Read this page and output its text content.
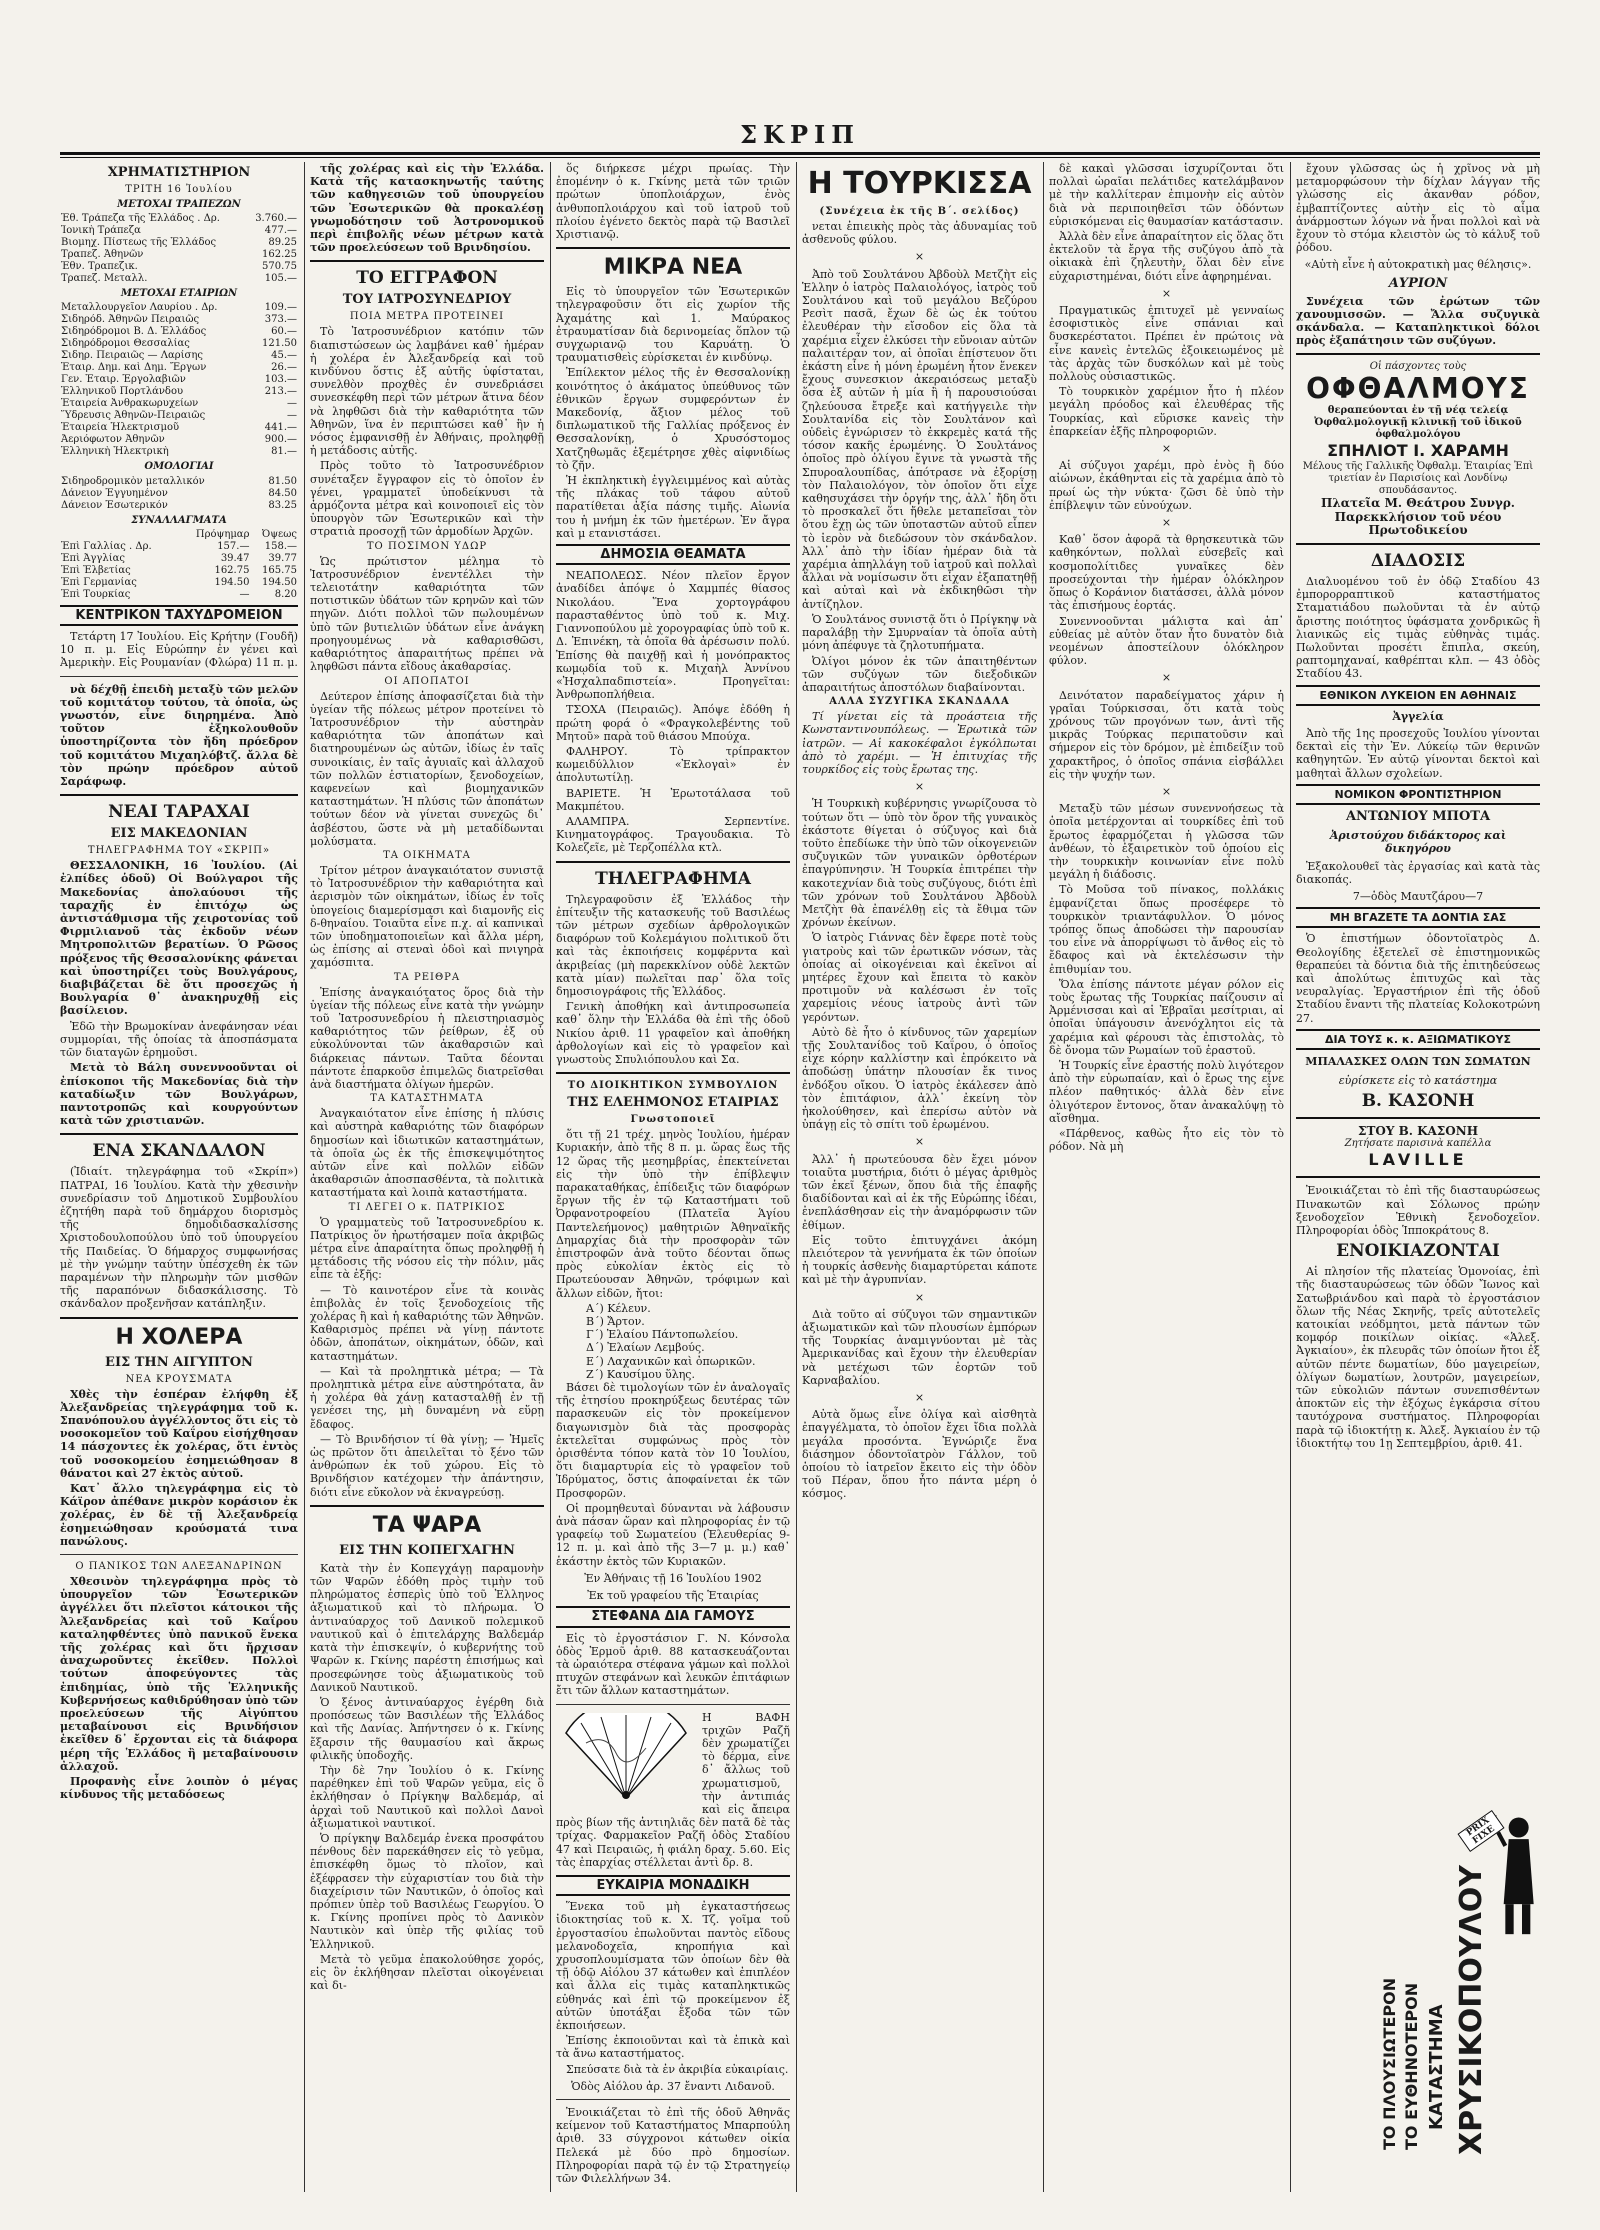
ΣΚΡΙΠ
ΧΡΗΜΑΤΙΣΤΗΡΙΟΝ
ΤΡΙΤΗ 16 Ἰουλίου
ΜΕΤΟΧΑΙ ΤΡΑΠΕΖΩΝ
Ἐθ. Τράπεζα τῆς Ἑλλάδος . Δρ.	3.760.—
Ἰονικὴ Τράπεζα	477.—
Βιομηχ. Πίστεως τῆς Ἑλλάδος	89.25
Τραπεζ. Ἀθηνῶν	162.25
Ἐθν. Τραπεζικ.	570.75
Τραπεζ. Μεταλλ.	105.—
ΜΕΤΟΧΑΙ ΕΤΑΙΡΙΩΝ
Μεταλλουργεῖον Λαυρίου . Δρ.	109.—
Σιδηρόδ. Ἀθηνῶν Πειραιῶς	373.—
Σιδηρόδρομοι Β. Δ. Ἑλλάδος	60.—
Σιδηρόδρομοι Θεσσαλίας	121.50
Σιδηρ. Πειραιῶς — Λαρίσης	45.—
Ἑταιρ. Δημ. καὶ Δημ. Ἔργων	26.—
Γεν. Ἑταιρ. Ἐργολαβιῶν	103.—
Ἑλληνικοῦ Πορτλάνδου	213.—
Ἑταιρεία Ἀνθρακωρυχείων	—
Ὕδρευσις Ἀθηνῶν-Πειραιῶς	—
Ἑταιρεία Ἠλεκτρισμοῦ	441.—
Ἀεριόφωτον Ἀθηνῶν	900.—
Ἑλληνικὴ Ἡλεκτρικὴ	81.—
ΟΜΟΛΟΓΙΑΙ
Σιδηροδρομικὸν μεταλλικόν	81.50
Δάνειον Ἐγγυημένον	84.50
Δάνειον Ἐσωτερικόν	83.25
ΣΥΝΑΛΛΑΓΜΑΤΑ
	Πρόψημαρ	Ὀψεως
Ἐπὶ Γαλλίας . Δρ.	157.—	158.—
Ἐπὶ Ἀγγλίας	39.47	39.77
Ἐπὶ Ἑλβετίας	162.75	165.75
Ἐπὶ Γερμανίας	194.50	194.50
Ἐπὶ Τουρκίας	—	8.20
ΚΕΝΤΡΙΚΟΝ ΤΑΧΥΔΡΟΜΕΙΟΝ

Τετάρτη 17 Ἰουλίου. Εἰς Κρήτην (Γουδῆ) 10 π. μ. Εἰς Εὐρώπην ἐν γένει καὶ Ἀμερικὴν. Εἰς Ρουμανίαν (Φλώρα) 11 π. μ.

νὰ δέχθῇ ἐπειδὴ μεταξὺ τῶν μελῶν τοῦ κομιτάτου τούτου, τὰ ὁποῖα, ὡς γνωστόν, εἶνε διηρημένα. Ἀπὸ τοῦτον ἐξηκολουθοῦν ὑποστηρίζοντα τὸν ἤδη πρόεδρον τοῦ κομιτάτου Μιχαηλόβτζ. ἄλλα δὲ τὸν πρώην πρόεδρον αὐτοῦ Σαράφωφ.

ΝΕΑΙ ΤΑΡΑΧΑΙ
ΕΙΣ ΜΑΚΕΔΟΝΙΑΝ
ΤΗΛΕΓΡΑΦΗΜΑ ΤΟΥ «ΣΚΡΙΠ»

ΘΕΣΣΑΛΟΝΙΚΗ, 16 Ἰουλίου. (Αἱ ἐλπίδες ὁδοῦ) Οἱ Βούλγαροι τῆς Μακεδονίας ἀπολαύουσι τῆς ταραχῆς ἐν ἐπιτόχῳ ὡς ἀντιστάθμισμα τῆς χειροτονίας τοῦ Φιρμιλιανοῦ τὰς ἐκδοῦν νέων Μητροπολιτῶν βερατίων. Ὁ Ρῶσος πρόξενος τῆς Θεσσαλονίκης φάνεται καὶ ὑποστηρίζει τοὺς Βουλγάρους, διαβιβάζεται δὲ ὅτι προσεχῶς ἡ Βουλγαρία θ᾽ ἀνακηρυχθῇ εἰς βασίλειον.

Ἐδῶ τὴν Βρωμοκίναν ἀνεφάνησαν νέαι συμμορίαι, τῆς ὁποίας τὰ ἀποσπάσματα τῶν διαταγῶν ἐρημοῦσι.

Μετὰ τὸ Βάλη συνεννοοῦνται οἱ ἐπίσκοποι τῆς Μακεδονίας διὰ τὴν καταδίωξιν τῶν Βουλγάρων, παντοτροπῶς καὶ κουργούντων κατὰ τῶν χριστιανῶν.

ΕΝΑ ΣΚΑΝΔΑΛΟΝ

(Ἰδιαίτ. τηλεγράφημα τοῦ «Σκρίπ») ΠΑΤΡΑΙ, 16 Ἰουλίου. Κατὰ τὴν χθεσινὴν συνεδρίασιν τοῦ Δημοτικοῦ Συμβουλίου ἐζητήθη παρὰ τοῦ δημάρχου διορισμὸς τῆς δημοδιδασκαλίσσης Χριστοδουλοπούλου ὑπὸ τοῦ ὑπουργείου τῆς Παιδείας. Ὁ δήμαρχος συμφωνήσας μὲ τὴν γνώμην ταύτην ὑπέσχεθη ἐκ τῶν παραμένων τὴν πληρωμὴν τῶν μισθῶν τῆς παραπόνων διδασκάλισσης. Τὸ σκάνδαλον προξενῆσαν κατάπληξιν.

Η ΧΟΛΕΡΑ
ΕΙΣ ΤΗΝ ΑΙΓΥΠΤΟΝ
ΝΕΑ ΚΡΟΥΣΜΑΤΑ

Χθὲς τὴν ἑσπέραν ἐλήφθη ἐξ Ἀλεξανδρείας τηλεγράφημα τοῦ κ. Σπανόπουλου ἀγγέλλοντος ὅτι εἰς τὸ νοσοκομεῖον τοῦ Καΐρου εἰσήχθησαν 14 πάσχοντες ἐκ χολέρας, ὅτι ἐντὸς τοῦ νοσοκομείου ἐσημειώθησαν 8 θάνατοι καὶ 27 ἐκτὸς αὐτοῦ.

Κατ᾽ ἄλλο τηλεγράφημα εἰς τὸ Κάϊρον ἀπέθανε μικρὸν κοράσιον ἐκ χολέρας, ἐν δὲ τῇ Ἀλεξανδρείᾳ ἐσημειώθησαν κρούσματά τινα πανώλους.

Ο ΠΑΝΙΚΟΣ ΤΩΝ ΑΛΕΞΑΝΔΡΙΝΩΝ

Χθεσινὸν τηλεγράφημα πρὸς τὸ ὑπουργεῖον τῶν Ἐσωτερικῶν ἀγγέλλει ὅτι πλεῖστοι κάτοικοι τῆς Ἀλεξανδρείας καὶ τοῦ Καΐρου καταληφθέντες ὑπὸ πανικοῦ ἕνεκα τῆς χολέρας καὶ ὅτι ἤρχισαν ἀναχωροῦντες ἐκεῖθεν. Πολλοὶ τούτων ἀποφεύγοντες τὰς ἐπιδημίας, ὑπὸ τῆς Ἑλληνικῆς Κυβερνήσεως καθιδρύθησαν ὑπὸ τῶν προελεύσεων τῆς Αἰγύπτου μεταβαίνουσι εἰς Βρινδήσιον ἐκεῖθεν δ᾽ ἔρχονται εἰς τὰ διάφορα μέρη τῆς Ἑλλάδος ἢ μεταβαίνουσιν ἀλλαχοῦ.

Προφανὴς εἶνε λοιπὸν ὁ μέγας κίνδυνος τῆς μεταδόσεως

τῆς χολέρας καὶ εἰς τὴν Ἑλλάδα. Κατὰ τῆς κατασκηνωτῆς ταύτης τῶν καθηγεσιῶν τοῦ ὑπουργείου τῶν Ἐσωτερικῶν θὰ προκαλέσῃ γνωμοδότησιν τοῦ Ἀστρονομικοῦ περὶ ἐπιβολῆς νέων μέτρων κατὰ τῶν προελεύσεων τοῦ Βρινδησίου.

ΤΟ ΕΓΓΡΑΦΟΝ
ΤΟΥ ΙΑΤΡΟΣΥΝΕΔΡΙΟΥ
ΠΟΙΑ ΜΕΤΡΑ ΠΡΟΤΕΙΝΕΙ

Τὸ Ἰατροσυνέδριον κατόπιν τῶν διαπιστώσεων ὡς λαμβάνει καθ᾽ ἡμέραν ἡ χολέρα ἐν Ἀλεξανδρείᾳ καὶ τοῦ κινδύνου ὅστις ἐξ αὐτῆς ὑφίσταται, συνελθὸν προχθὲς ἐν συνεδριάσει συνεσκέφθη περὶ τῶν μέτρων ἅτινα δέον νὰ ληφθῶσι διὰ τὴν καθαριότητα τῶν Ἀθηνῶν, ἵνα ἐν περιπτώσει καθ᾽ ἣν ἡ νόσος ἐμφανισθῇ ἐν Ἀθήναις, προληφθῇ ἡ μετάδοσις αὐτῆς.

Πρὸς τοῦτο τὸ Ἰατροσυνέδριον συνέταξεν ἔγγραφον εἰς τὸ ὁποῖον ἐν γένει, γραμματεῖ ὑποδείκνυσι τὰ ἀρμόζοντα μέτρα καὶ κοινοποιεῖ εἰς τὸν ὑπουργὸν τῶν Ἐσωτερικῶν καὶ τὴν στρατιὰ προσοχῇ τῶν ἀρμοδίων Ἀρχῶν.

ΤΟ ΠΟΣΙΜΟΝ ΥΔΩΡ

Ὡς πρώτιστον μέλημα τὸ Ἰατροσυνέδριον ἐνεντέλλει τὴν τελειοτάτην καθαριότητα τῶν ποτιστικῶν ὑδάτων τῶν κρηνῶν καὶ τῶν πηγῶν. Διότι πολλοὶ τῶν πωλουμένων ὑπὸ τῶν βυτιελιῶν ὑδάτων εἶνε ἀνάγκη προηγουμένως νὰ καθαρισθῶσι, καθαριότητος ἀπαραιτήτως πρέπει νὰ ληφθῶσι πάντα εἴδους ἀκαθαρσίας.

ΟΙ ΑΠΟΠΑΤΟΙ

Δεύτερον ἐπίσης ἀποφασίζεται διὰ τὴν ὑγείαν τῆς πόλεως μέτρον προτείνει τὸ Ἰατροσυνέδριον τὴν αὐστηρὰν καθαριότητα τῶν ἀποπάτων καὶ διατηρουμένων ὡς αὐτῶν, ἰδίως ἐν ταῖς συνοικίαις, ἐν ταῖς ἀγυιαῖς καὶ ἀλλαχοῦ τῶν πολλῶν ἑστιατορίων, ξενοδοχείων, καφενείων καὶ βιομηχανικῶν καταστημάτων. Ἡ πλύσις τῶν ἀποπάτων τούτων δέον νὰ γίνεται συνεχῶς δι᾽ ἀσβέστου, ὥστε νὰ μὴ μεταδίδωνται μολύσματα.

ΤΑ ΟΙΚΗΜΑΤΑ

Τρίτον μέτρον ἀναγκαιότατον συνιστᾷ τὸ Ἰατροσυνέδριον τὴν καθαριότητα καὶ ἀερισμὸν τῶν οἰκημάτων, ἰδίως ἐν τοῖς ὑπογείοις διαμερίσμασι καὶ διαμονῆς εἰς δ-θηναίου. Τοιαῦτα εἶνε π.χ. αἱ καπνικαὶ τῶν ὑποδηματοποιεῖων καὶ ἄλλα μέρη, ὡς ἐπίσης αἱ στεναὶ ὁδοὶ καὶ πνιγηρὰ χαμόσπιτα.

ΤΑ ΡΕΙΘΡΑ

Ἐπίσης ἀναγκαιότατος ὅρος διὰ τὴν ὑγείαν τῆς πόλεως εἶνε κατὰ τὴν γνώμην τοῦ Ἰατροσυνεδρίου ἡ πλειστηριασμὸς καθαριότητος τῶν ῥείθρων, ἐξ οὗ εὐκολύνονται τῶν ἀκαθαρσιῶν καὶ διάρκειας πάντων. Ταῦτα δέονται πάντοτε ἐπαρκοῦσ ἐπιμελῶς διατρεῖσθαι ἀνὰ διαστήματα ὀλίγων ἡμερῶν.

ΤΑ ΚΑΤΑΣΤΗΜΑΤΑ

Ἀναγκαιότατον εἶνε ἐπίσης ἡ πλύσις καὶ αὐστηρὰ καθαριότης τῶν διαφόρων δημοσίων καὶ ἰδιωτικῶν καταστημάτων, τὰ ὁποῖα ὡς ἐκ τῆς ἐπισκεψιμότητος αὐτῶν εἶνε καὶ πολλῶν εἰδῶν ἀκαθαρσιῶν ἀποσπασθέντα, τὰ πολιτικὰ καταστήματα καὶ λοιπὰ καταστήματα.

ΤΙ ΛΕΓΕΙ Ο κ. ΠΑΤΡΙΚΙΟΣ

Ὁ γραμματεὺς τοῦ Ἰατροσυνεδρίου κ. Πατρίκιος ὅν ἠρωτήσαμεν ποῖα ἀκριβῶς μέτρα εἶνε ἀπαραίτητα ὅπως προληφθῇ ἡ μετάδοσις τῆς νόσου εἰς τὴν πόλιν, μᾶς εἶπε τὰ ἑξῆς:

— Τὸ καινοτέρον εἶνε τὰ κοινὰς ἐπιβολὰς ἐν τοῖς ξενοδοχείοις τῆς χολέρας ἢ καὶ ἡ καθαριότης τῶν Ἀθηνῶν. Καθαρισμὸς πρέπει νὰ γίνῃ πάντοτε ὁδῶν, ἀποπάτων, οἰκημάτων, ὁδῶν, καὶ καταστημάτων.

— Καὶ τὰ προληπτικὰ μέτρα; — Τὰ προληπτικὰ μέτρα εἶνε αὐστηρότατα, ἂν ἡ χολέρα θὰ χάνῃ κατασταλθῇ ἐν τῇ γενέσει της, μὴ δυναμένη νὰ εὕρῃ ἔδαφος.

— Τὸ Βρινδήσιον τί θὰ γίνῃ; — Ἡμεῖς ὡς πρῶτον ὅτι ἀπειλεῖται τὸ ξένο τῶν ἀνθρώπων ἐκ τοῦ χώρου. Εἰς τὸ Βρινδήσιον κατέχομεν τὴν ἀπάντησιν, διότι εἶνε εὔκολον νὰ ἐκναγρεύσῃ.

ΤΑ ΨΑΡΑ
ΕΙΣ ΤΗΝ ΚΟΠΕΓΧΑΓΗΝ

Κατὰ τὴν ἐν Κοπεγχάγῃ παραμονὴν τῶν Ψαρῶν ἐδόθη πρὸς τιμὴν τοῦ πληρώματος ἑσπερὶς ὑπὸ τοῦ Ἑλληνος ἀξιωματικοῦ καὶ τὸ πλήρωμα. Ὁ ἀντιναύαρχος τοῦ Δανικοῦ πολεμικοῦ ναυτικοῦ καὶ ὁ ἐπιτελάρχης Βαλδεμάρ κατὰ τὴν ἐπισκεψίν, ὁ κυβερνήτης τοῦ Ψαρῶν κ. Γκίνης παρέστη ἐπισήμως καὶ προσεφώνησε τοὺς ἀξιωματικοὺς τοῦ Δανικοῦ Ναυτικοῦ.

Ὁ ξένος ἀντιναύαρχος ἐγέρθη διὰ προπόσεως τῶν Βασιλέων τῆς Ἑλλάδος καὶ τῆς Δανίας. Ἀπήντησεν ὁ κ. Γκίνης ἔξαρσιν τῆς θαυμασίου καὶ ἄκρως φιλικῆς ὑποδοχῆς.

Τὴν δὲ 7ην Ἰουλίου ὁ κ. Γκίνης παρέθηκεν ἐπὶ τοῦ Ψαρῶν γεῦμα, εἰς ὃ ἐκλήθησαν ὁ Πρίγκηψ Βαλδεμάρ, αἱ ἀρχαὶ τοῦ Ναυτικοῦ καὶ πολλοὶ Δανοὶ ἀξιωματικοὶ ναυτικοί.

Ὁ πρίγκηψ Βαλδεμάρ ἐνεκα προσφάτου πένθους δὲν παρεκάθησεν εἰς τὸ γεῦμα, ἐπισκέφθη ὅμως τὸ πλοῖον, καὶ ἐξέφρασεν τὴν εὐχαριστίαν του διὰ τὴν διαχείρισιν τῶν Ναυτικῶν, ὁ ὁποῖος καὶ πρόπιεν ὑπὲρ τοῦ Βασιλέως Γεωργίου. Ὁ κ. Γκίνης προπίνει πρὸς τὸ Δανικὸν Ναυτικὸν καὶ ὑπὲρ τῆς φιλίας τοῦ Ἑλληνικοῦ.

Μετὰ τὸ γεῦμα ἐπακολούθησε χορός, εἰς ὃν ἐκλήθησαν πλεῖσται οἰκογένειαι καὶ δι-

ὅς διήρκεσε μέχρι πρωίας. Τὴν ἐπομένην ὁ κ. Γκίνης μετὰ τῶν τριῶν πρώτων ὑποπλοιάρχων, ἐνὸς ἀνθυποπλοιάρχου καὶ τοῦ ἰατροῦ τοῦ πλοίου ἐγένετο δεκτὸς παρὰ τῷ Βασιλεῖ Χριστιανῷ.

ΜΙΚΡΑ ΝΕΑ

Εἰς τὸ ὑπουργεῖον τῶν Ἐσωτερικῶν τηλεγραφοῦσιν ὅτι εἰς χωρίον τῆς Ἀχαμάτης καὶ 1. Μαύρακος ἐτραυματίσαν διὰ δερινομείας ὅπλον τῷ συγχωριανῷ του Καρυάτῃ. Ὁ τραυματισθεὶς εὑρίσκεται ἐν κινδύνῳ.

Ἐπίλεκτον μέλος τῆς ἐν Θεσσαλονίκῃ κοινότητος ὁ ἀκάματος ὑπεύθυνος τῶν ἐθνικῶν ἔργων συμφερόντων ἐν Μακεδονίᾳ, ἄξιον μέλος τοῦ διπλωματικοῦ τῆς Γαλλίας πρόξενος ἐν Θεσσαλονίκῃ, ὁ Χρυσόστομος Χατζηθωμᾶς ἐξεμέτρησε χθὲς αἰφνιδίως τὸ ζῆν.

Ἡ ἐκπληκτικὴ ἐγγλειμμένος καὶ αὐτὰς τῆς πλάκας τοῦ τάφου αὐτοῦ παρατίθεται ἀξία πάσης τιμῆς. Αἰωνία του ἡ μνήμη ἐκ τῶν ἡμετέρων. Ἐν ἄγρα καὶ μ ετανιστάσει.

ΔΗΜΟΣΙΑ ΘΕΑΜΑΤΑ

ΝΕΑΠΟΛΕΩΣ. Νέον πλεῖον ἔργον ἀναδίδει ἀπόψε ὁ Χαμμπές θίασος Νικολάου. Ἕνα χορτογράφου παρασταθέντος ὑπὸ τοῦ κ. Μιχ. Γιαννοπούλου μὲ χορογραφίας ὑπὸ τοῦ κ. Δ. Ἐπινέκη, τὰ ὁποῖα θὰ ἀρέσωσιν πολύ. Ἐπίσης θὰ παιχθῇ καὶ ἡ μονόπρακτος κωμῳδία τοῦ κ. Μιχαὴλ Ἀννίνου «Ἠσχαλπαδπιστεία». Προηγεῖται: Ἀνθρωποπλήθεια.

ΤΣΟΧΑ (Πειραιῶς). Ἀπόψε ἐδόθη ἡ πρώτη φορά ὁ «Φραγκολεβέντης τοῦ Μητοῦ» παρὰ τοῦ θιάσου Μπούχα.

ΦΑΛΗΡΟΥ. Τὸ τρίπρακτον κωμειδύλλιον «Ἐκλογαὶ» ἐν ἀπολυτωτίλῃ.

ΒΑΡΙΕΤΕ. Ἡ Ἐρωτοτάλασα τοῦ Μακμπέτου.

ΑΛΑΜΠΡΑ. Σερπεντίνε. Κινηματογράφος. Τραγουδακια. Τὸ Κολεζεῖε, μὲ Τερζοπέλλα κτλ.

ΤΗΛΕΓΡΑΦΗΜΑ

Τηλεγραφοῦσιν ἐξ Ἑλλάδος τὴν ἐπίτευξιν τῆς κατασκευῆς τοῦ Βασιλέως τῶν μέτρων σχεδίων ἀρθρολογικῶν διαφόρων τοῦ Κολεμάγιου πολιτικοῦ ὅτι καὶ τὰς ἐκποιήσεις κομφέρντα καὶ ἀκριβείας (μὴ παρεκκλίνον οὐδὲ λεκτῶν κατὰ μίαν) πωλεῖται παρ᾽ ὅλα τοῖς δημοσιογράφοις τῆς Ἑλλάδος.

Γενικὴ ἀποθήκη καὶ ἀντιπροσωπεία καθ᾽ ὅλην τὴν Ἑλλάδα θὰ ἐπὶ τῆς ὁδοῦ Νικίου ἀριθ. 11 γραφεῖον καὶ ἀποθήκη ἀρθολογίων καὶ εἰς τὸ γραφεῖον καὶ γνωστοὺς Σπυλιόπουλου καὶ Σα.

ΤΟ ΔΙΟΙΚΗΤΙΚΟΝ ΣΥΜΒΟΥΛΙΟΝ
ΤΗΣ ΕΛΕΗΜΟΝΟΣ ΕΤΑΙΡΙΑΣ
Γνωστοποιεῖ

ὅτι τῇ 21 τρέχ. μηνὸς Ἰουλίου, ἡμέραν Κυριακήν, ἀπὸ τῆς 8 π. μ. ὥρας ἕως τῆς 12 ὥρας τῆς μεσημβρίας, ἐπεκτείνεται εἰς τὴν ὑπὸ τὴν ἐπίβλεψιν παρακαταθήκας, ἐπίδειξις τῶν διαφόρων ἔργων τῆς ἐν τῷ Καταστήματι τοῦ Ὀρφανοτροφείου (Πλατεῖα Ἁγίου Παντελεήμονος) μαθητριῶν Ἀθηναϊκῆς Δημαρχίας διὰ τὴν προσφορὰν τῶν ἐπιστροφῶν ἀνὰ τοῦτο δέονται ὅπως πρὸς εὐκολίαν ἐκτὸς εἰς τὸ Πρωτεύουσαν Ἀθηνῶν, τρόφιμων καὶ ἄλλων εἰδῶν, ἤτοι:

Α΄) Κέλευν.
Β΄) Ἄρτον.
Γ΄) Ἐλαίου Πάντοπωλείου.
Δ΄) Ἐλαίων Λεμβούς.
Ε΄) Λαχανικῶν καὶ ὀπωρικῶν.
Ζ΄) Καυσίμου ὕλης.

Βάσει δὲ τιμολογίων τῶν ἐν ἀναλογαῖς τῆς ἐτησίου προκηρύξεως δευτέρας τῶν παρασκευῶν εἰς τὸν προκείμενον διαγωνισμὸν διὰ τὰς προσφορὰς ἐκτελεῖται συμφώνως πρὸς τὸν ὁρισθέντα τόπον κατὰ τὸν 10 Ἰουλίου, ὅτι διαμαρτυρία εἰς τὸ γραφεῖον τοῦ Ἱδρύματος, ὅστις ἀποφαίνεται ἐκ τῶν Προσφορῶν.

Οἱ προμηθευταὶ δύνανται νὰ λάβουσιν ἀνὰ πάσαν ὥραν καὶ πληροφορίας ἐν τῷ γραφείῳ τοῦ Σωματείου (Ἐλευθερίας 9-12 π. μ. καὶ ἀπὸ τῆς 3—7 μ. μ.) καθ᾽ ἑκάστην ἐκτὸς τῶν Κυριακῶν.

Ἐν Ἀθήναις τῇ 16 Ἰουλίου 1902
Ἐκ τοῦ γραφείου τῆς Ἑταιρίας
ΣΤΕΦΑΝΑ ΔΙΑ ΓΑΜΟΥΣ

Εἰς τὸ ἐργοστάσιον Γ. Ν. Κόνσολα ὁδὸς Ἑρμοῦ ἀριθ. 88 κατασκευάζονται τὰ ὡραιότερα στέφανα γάμων καὶ πολλοὶ πτυχῶν στεφάνων καὶ λευκῶν ἐπιτάφιων ἔτι τῶν ἄλλων καταστημάτων.

Η ΒΑΦΗ τριχῶν Ραζῆ δὲν χρωματίζει τὸ δέρμα, εἶνε δ᾽ ἄλλως τοῦ χρωματισμοῦ, τὴν ἀντιπιάς καὶ εἰς ἄπειρα πρὸς βίων τῆς ἀντιηλιᾶς δὲν πατᾶ δὲ τὰς τρίχας. Φαρμακεῖον Ραζῆ ὁδὸς Σταδίου 47 καὶ Πειραιῶς, ἡ φιάλη δραχ. 5.60. Εἰς τὰς ἐπαρχίας στέλλεται ἀντὶ δρ. 8.

ΕΥΚΑΙΡΙΑ ΜΟΝΑΔΙΚΗ

Ἕνεκα τοῦ μὴ ἐγκαταστήσεως ἰδιοκτησίας τοῦ κ. Χ. Τζ. γοῖμα τοῦ ἐργοστασίου ἐπωλοῦνται παντὸς εἴδους μελανοδοχεῖα, κηροπήγια καὶ χρυσοπλουμίσματα τῶν ὁποίων δὲν θὰ τῇ ὁδῷ Αἰόλου 37 κάτωθεν καὶ ἐπιπλέον καὶ ἄλλα εἰς τιμὰς καταπληκτικῶς εὐθηνάς καὶ ἐπὶ τῷ προκείμενον ἐξ αὐτῶν ὑποτάξαι ἔξοδα τῶν τῶν ἐκποιήσεων.

Ἐπίσης ἐκποιοῦνται καὶ τὰ ἐπικὰ καὶ τὰ ἄνω καταστήματος.

Σπεύσατε διὰ τὰ ἐν ἀκριβία εὐκαιρίαις.

Ὁδὸς Αἰόλου ἀρ. 37 ἔναντι Λιδανοῦ.

Ἐνοικιάζεται τὸ ἐπὶ τῆς ὁδοῦ Ἀθηνᾶς κείμενον τοῦ Καταστήματος Μπαρπούλη ἀριθ. 33 σύγχρονοι κάτωθεν οἰκία Πελεκά μὲ δύο πρὸ δημοσίων. Πληροφορίαι παρὰ τῷ ἐν τῷ Στρατηγείῳ τῶν Φιλελλήνων 34.

Η ΤΟΥΡΚΙΣΣΑ
(Συνέχεια ἐκ τῆς Β΄. σελίδος)

νεται ἐπιεικὴς πρὸς τὰς ἀδυναμίας τοῦ ἀσθενοῦς φύλου.

×

Ἀπὸ τοῦ Σουλτάνου Ἀβδοὺλ Μετζὴτ εἰς Ἑλλην ὁ ἰατρὸς Παλαιολόγος, ἰατρὸς τοῦ Σουλτάνου καὶ τοῦ μεγάλου Βεζύρου Ρεσὶτ πασᾶ, ἔχων δὲ ὡς ἐκ τούτου ἐλευθέραν τὴν εἴσοδον εἰς ὅλα τὰ χαρέμια εἶχεν ἐλκύσει τὴν εὔνοιαν αὐτῶν παλαιτέραν τον, αἱ ὁποῖαι ἐπίστευον ὅτι ἐκάστη εἶνε ἡ μόνη ἐρωμένη ἦτον ἕνεκεν ἔχους συνεσκιον ἀκεραιόσεως μεταξὺ ὅσα ἐξ αὐτῶν ἡ μία ἢ ἡ παρουσιούσαι ζηλεύουσα ἔτρεξε καὶ κατήγγειλε τὴν Σουλτανίδα εἰς τὸν Σουλτάνον καὶ οὐδεὶς ἐγνώρισεν τὸ ἐκκρεμὲς κατά τῆς τόσον κακῆς ἐρωμένης. Ὁ Σουλτάνος ὁποῖος πρὸ ὀλίγου ἔγινε τὰ γνωστὰ τῆς Σπυροαλουπίδας, ἀπότρασε νὰ ἐξορίσῃ τὸν Παλαιολόγον, τὸν ὁποῖον ὅτι εἶχε καθησυχάσει τὴν ὀργήν της, ἀλλ᾽ ἤδη ὅτι τὸ προσκαλεῖ ὅτι ἤθελε μεταπεῖσαι τὸν ὅτου ἔχῃ ὡς τῶν ὑποταστῶν αὐτοῦ εἶπεν τὸ ἰερὸν νὰ διεδώσουν τὸν σκάνδαλον. Ἀλλ᾽ ἀπὸ τὴν ἰδίαν ἡμέραν διὰ τὰ χαρέμια ἀπηλλάγη τοῦ ἰατροῦ καὶ πολλαὶ ἄλλαι νὰ νομίσωσιν ὅτι εἶχαν ἐξαπατηθῇ καὶ αὐταὶ καὶ νὰ ἐκδικηθῶσι τὴν ἀντίζηλον.

Ὁ Σουλτάνος συνιστᾷ ὅτι ὁ Πρίγκηψ νὰ παραλάβῃ τὴν Σμυρναίαν τὰ ὁποῖα αὐτὴ μόνη ἀπέφυγε τὰ ζηλοτυπήματα.

Ὀλίγοι μόνον ἐκ τῶν ἀπαιτηθέντων τῶν συζύγων τῶν διεξοδικῶν ἀπαραιτήτως ἀποστόλων διαβαίνονται.

ΑΛΛΑ ΣΥΖΥΓΙΚΑ ΣΚΑΝΔΑΛΑ

Τί γίνεται εἰς τὰ προάστεια τῆς Κωνσταντινουπόλεως. — Ἐρωτικὰ τῶν ἰατρῶν. — Αἱ κακοκέφαλοι ἐγκόλπωται ἀπὸ τὸ χαρέμι. — Ἡ ἐπιτυχίας τῆς τουρκίδος εἰς τοὺς ἔρωτας της.

×

Ἡ Τουρκικὴ κυβέρνησις γνωρίζουσα τὸ τούτων ὅτι — ὑπὸ τὸν ὄρον τῆς γυναικὸς ἐκάστοτε θίγεται ὁ σύζυγος καὶ διὰ τοῦτο ἐπεδίωκε τὴν ὑπὸ τῶν οἰκογενειῶν συζυγικῶν τῶν γυναικῶν ὀρθοτέρων ἐπαγρύπνησιν. Ἡ Τουρκία ἐπιτρέπει τὴν κακοτεχνίαν διὰ τοὺς συζύγους, διότι ἐπὶ τῶν χρόνων τοῦ Σουλτάνου Ἀβδοὺλ Μετζὴτ θὰ ἐπανέλθῃ εἰς τὰ ἔθιμα τῶν χρόνων ἐκείνων.

Ὁ ἰατρὸς Γιάννας δὲν ἔφερε ποτὲ τοὺς γιατροὺς καὶ τῶν ἐρωτικῶν νόσων, τὰς ὁποίας αἱ οἰκογένειαι καὶ ἐκεῖνοι αἱ μητέρες ἔχουν καὶ ἔπειτα τὸ κακὸν προτιμοῦν νὰ καλέσωσι ἐν τοῖς χαρεμίοις νέους ἰατροὺς ἀντὶ τῶν γερόντων.

Αὐτὸ δὲ ἦτο ὁ κίνδυνος τῶν χαρεμίων τῆς Σουλτανίδος τοῦ Καΐρου, ὁ ὁποῖος εἶχε κόρην καλλίστην καὶ ἐπρόκειτο νὰ ἀποδώσῃ ὑπάτην πλουσίαν ἔκ τινος ἐνδόξου οἴκου. Ὁ ἰατρὸς ἐκάλεσεν ἀπὸ τὸν ἐπιτάφιον, ἀλλ᾽ ἐκείνη τὸν ἠκολούθησεν, καὶ ἐπερίσω αὐτὸν νὰ ὑπάγῃ εἰς τὸ σπίτι τοῦ ἐρωμένου.

×

Ἀλλ᾽ ἡ πρωτεύουσα δὲν ἔχει μόνον τοιαῦτα μυστήρια, διότι ὁ μέγας ἀριθμὸς τῶν ἐκεῖ ξένων, ὅπου διὰ τῆς ἐπαφῆς διαδίδονται καὶ αἱ ἐκ τῆς Εὐρώπης ἰδέαι, ἐνεπλάσθησαν εἰς τὴν ἀναμόρφωσιν τῶν ἐθίμων.

Εἰς τοῦτο ἐπιτυγχάνει ἀκόμη πλειότερον τὰ γεννήματα ἐκ τῶν ὁποίων ἡ τουρκίς ἀσθενὴς διαμαρτύρεται κάποτε καὶ μὲ τὴν ἀγρυπνίαν.

×

Διὰ τοῦτο αἱ σύζυγοι τῶν σημαντικῶν ἀξιωματικῶν καὶ τῶν πλουσίων ἐμπόρων τῆς Τουρκίας ἀναμιγνύονται μὲ τὰς Ἀμερικανίδας καὶ ἔχουν τὴν ἐλευθερίαν νὰ μετέχωσι τῶν ἑορτῶν τοῦ Καρναβαλίου.

×

Αὐτὰ ὅμως εἶνε ὀλίγα καὶ αἰσθητὰ ἐπαγγέλματα, τὸ ὁποῖον ἔχει ἴδια πολλὰ μεγάλα προσόντα. Ἐγνώριζε ἕνα διάσημον ὀδοντοϊατρὸν Γάλλον, τοῦ ὁποίου τὸ ἰατρεῖον ἔκειτο εἰς τὴν ὁδὸν τοῦ Πέραν, ὅπου ἦτο πάντα μέρη ὁ κόσμος.

δὲ κακαὶ γλῶσσαι ἰσχυρίζονται ὅτι πολλαὶ ὡραῖαι πελάτιδες κατελάμβανον μὲ τὴν καλλίτεραν ἐπιμονὴν εἰς αὐτὸν διὰ νὰ περιποιηθεῖσι τῶν ὀδόντων εὑρισκόμεναι εἰς θαυμασίαν κατάστασιν.

Ἀλλὰ δὲν εἶνε ἀπαραίτητον εἰς ὅλας ὅτι ἐκτελοῦν τὰ ἔργα τῆς συζύγου ἀπὸ τὰ οἰκιακὰ ἐπὶ ζηλευτὴν, ὅλαι δὲν εἶνε εὐχαριστημέναι, διότι εἶνε ἀφηρημέναι.

×

Πραγματικῶς ἐπιτυχεῖ μὲ γενναίως ἐσοφιστικὸς εἶνε σπάνιαι καὶ δυσκερέστατοι. Πρέπει ἐν πρώτοις νὰ εἶνε κανεὶς ἐντελῶς ἐξοικειωμένος μὲ τὰς ἀρχὰς τῶν δυσκόλων καὶ μὲ τοὺς πολλοὺς οὐσιαστικῶς.

Τὸ τουρκικὸν χαρέμιον ἦτο ἡ πλέον μεγάλη πρόοδος καὶ ἐλευθέρας τῆς Τουρκίας, καὶ εὕρισκε κανεὶς τὴν ἐπαρκείαν ἑξῆς πληροφοριῶν.

×

Αἱ σύζυγοι χαρέμι, πρὸ ἑνὸς ἢ δύο αἰώνων, ἐκάθηνται εἰς τὰ χαρέμια ἀπὸ τὸ πρωί ὡς τὴν νύκτα· ζῶσι δὲ ὑπὸ τὴν ἐπίβλεψιν τῶν εὐνούχων.

×

Καθ᾽ ὅσον ἀφορᾶ τὰ θρησκευτικὰ τῶν καθηκόντων, πολλαὶ εὐσεβεῖς καὶ κοσμοπολίτιδες γυναῖκες δὲν προσεύχονται τὴν ἡμέραν ὁλόκληρον ὅπως ὁ Κοράνιον διατάσσει, ἀλλὰ μόνον τὰς ἐπισήμους ἑορτάς.

Συνεννοοῦνται μάλιστα καὶ ἀπ᾽ εὐθείας μὲ αὐτὸν ὅταν ἦτο δυνατὸν διὰ νεομένων ἀποστείλουν ὁλόκληρον φύλον.

×

Δεινότατον παραδείγματος χάριν ἡ γραῖαι Τούρκισσαι, ὅτι κατὰ τοὺς χρόνους τῶν προγόνων των, ἀντὶ τῆς μικρᾶς Τούρκας περιπατοῦσιν καὶ σήμερον εἰς τὸν δρόμον, μὲ ἐπιδείξιν τοῦ χαρακτῆρος, ὁ ὁποῖος σπάνια εἰσβάλλει εἰς τὴν ψυχήν των.

×

Μεταξὺ τῶν μέσων συνεννοήσεως τὰ ὁποῖα μετέρχονται αἱ τουρκίδες ἐπὶ τοῦ ἔρωτος ἐφαρμόζεται ἡ γλῶσσα τῶν ἀνθέων, τὸ ἐξαιρετικὸν τοῦ ὁποίου εἰς τὴν τουρκικὴν κοινωνίαν εἶνε πολὺ μεγάλη ἡ διάδοσις.

Τὸ Μοῦσα τοῦ πίνακος, πολλάκις ἐμφανίζεται ὅπως προσέφερε τὸ τουρκικὸν τριαντάφυλλον. Ὁ μόνος τρόπος ὅπως ἀποδώσει τὴν παρουσίαν του εἶνε νὰ ἀπορρίψωσι τὸ ἄνθος εἰς τὸ ἔδαφος καὶ νὰ ἐκτελέσωσιν τὴν ἐπιθυμίαν του.

Ὅλα ἐπίσης πάντοτε μέγαν ρόλον εἰς τοὺς ἔρωτας τῆς Τουρκίας παίζουσιν αἱ Ἀρμένισσαι καὶ αἱ Ἑβραῖαι μεσίτριαι, αἱ ὁποῖαι ὑπάγουσιν ἀνενόχλητοι εἰς τὰ χαρέμια καὶ φέρουσι τὰς ἐπιστολὰς, τὸ δὲ ὄνομα τῶν Ρωμαίων τοῦ ἐραστοῦ.

Ἡ Τουρκίς εἶνε ἐραστής πολὺ λιγότερον ἀπὸ τὴν εὐρωπαίαν, καὶ ὁ ἔρως της εἶνε πλέον παθητικός· ἀλλὰ δὲν εἶνε ὀλιγότερον ἔντονος, ὅταν ἀνακαλύψῃ τὸ αἴσθημα.

«Πάρθενος, καθὼς ἦτο εἰς τὸν τὸ ρόδον. Νὰ μὴ

ἔχουν γλῶσσας ὡς ἡ χρῖνος νὰ μὴ μεταμορφώσουν τὴν δίχλαν λάγγαν τῆς γλώσσης εἰς ἀκανθαν ρόδον, ἐμβαπτίζοντες αὐτὴν εἰς τὸ αἷμα ἀνάρμοστων λόγων νὰ ἧναι πολλοὶ καὶ νὰ ἔχουν τὸ στόμα κλειστὸν ὡς τὸ κάλυξ τοῦ ῥόδου.

«Αὐτὴ εἶνε ἡ αὐτοκρατικὴ μας θέλησις».
ΑΥΡΙΟΝ

Συνέχεια τῶν ἐρώτων τῶν χανουμισσῶν. — Ἄλλα συζυγικὰ σκάνδαλα. — Καταπληκτικοὶ δόλοι πρὸς ἐξαπάτησιν τῶν συζύγων.

Οἱ πάσχοντες τοὺς
ΟΦΘΑΛΜΟΥΣ
θεραπεύονται ἐν τῇ νέᾳ τελείᾳ Ὀφθαλμολογικῇ κλινικῇ τοῦ ἰδικοῦ ὀφθαλμολόγου
ΣΠΗΛΙΟΤ Ι. ΧΑΡΑΜΗ
Μέλους τῆς Γαλλικῆς Ὀφθαλμ. Ἑταιρίας Ἐπὶ τριετίαν ἐν Παρισίοις καὶ Λονδίνῳ σπουδάσαντος.
Πλατεῖα Μ. Θεάτρου Συνγρ. Παρεκκλήσιον τοῦ νέου Πρωτοδικείου
ΔΙΑΔΟΣΙΣ

Διαλυομένου τοῦ ἐν ὁδῷ Σταδίου 43 ἐμπορορραπτικοῦ καταστήματος Σταματιάδου πωλοῦνται τὰ ἐν αὐτῷ ἄριστης ποιότητος ὑφάσματα χονδρικῶς ἢ λιανικῶς εἰς τιμὰς εὐθηνὰς τιμάς. Πωλοῦνται προσέτι ἔπιπλα, σκεύη, ραπτομηχαναί, καθρέπται κλπ. — 43 ὁδὸς Σταδίου 43.

ΕΘΝΙΚΟΝ ΛΥΚΕΙΟΝ ΕΝ ΑΘΗΝΑΙΣ
Ἀγγελία

Ἀπὸ τῆς 1ης προσεχοῦς Ἰουλίου γίνονται δεκταὶ εἰς τὴν Ἐν. Λύκείῳ τῶν θερινῶν καθηγητῶν. Ἐν αὐτῷ γίνονται δεκτοὶ καὶ μαθηταὶ ἄλλων σχολείων.

ΝΟΜΙΚΟΝ ΦΡΟΝΤΙΣΤΗΡΙΟΝ
ΑΝΤΩΝΙΟΥ ΜΠΟΤΑ
Ἀριστούχου διδάκτορος καὶ δικηγόρου

Ἐξακολουθεῖ τὰς ἐργασίας καὶ κατὰ τὰς διακοπάς.

7—ὁδὸς Μαυτζάρου—7
ΜΗ ΒΓΑΖΕΤΕ ΤΑ ΔΟΝΤΙΑ ΣΑΣ

Ὁ ἐπιστήμων ὀδοντοϊατρὸς Δ. Θεολογίδης ἐξετελεῖ σὲ ἐπιστημονικῶς θεραπεύει τὰ δόντια διὰ τῆς ἐπιτηδεύσεως καὶ ἀπολύτως ἐπιτυχῶς καὶ τὰς νευραλγίας. Ἐργαστήριον ἐπὶ τῆς ὁδοῦ Σταδίου ἔναντι τῆς πλατείας Κολοκοτρώνη 27.

ΔΙΑ ΤΟΥΣ κ. κ. ΑΞΙΩΜΑΤΙΚΟΥΣ
ΜΠΑΛΑΣΚΕΣ ΟΛΩΝ ΤΩΝ ΣΩΜΑΤΩΝ
εὑρίσκετε εἰς τὸ κατάστημα
Β. ΚΑΣΟΝΗ
ΣΤΟΥ Β. ΚΑΣΟΝΗ
Ζητήσατε παρισινὰ καπέλλα
LAVILLE

Ἐνοικιάζεται τὸ ἐπὶ τῆς διασταυρώσεως Πινακωτῶν καὶ Σόλωνος πρώην ξενοδοχεῖον Ἐθνικὴ ξενοδοχεῖον. Πληροφορίαι ὁδὸς Ἱπποκράτους 8.

ΕΝΟΙΚΙΑΖΟΝΤΑΙ

Αἱ πλησίον τῆς πλατείας Ὁμονοίας, ἐπὶ τῆς διασταυρώσεως τῶν ὁδῶν Ἴωνος καὶ Σατωβριάνδου καὶ παρὰ τὸ ἐργοστάσιον ὅλων τῆς Νέας Σκηνῆς, τρεῖς αὐτοτελεῖς κατοικίαι νεόδμητοι, μετὰ πάντων τῶν κομφόρ ποικίλων οἰκίας. «Ἁλεξ. Ἀγκιαίου», ἐκ πλευρᾶς τῶν ὁποίων ἤτοι ἐξ αὐτῶν πέντε δωματίων, δύο μαγειρείων, ὀλίγων δωματίων, λουτρῶν, μαγειρείων, τῶν εὐκολιῶν πάντων συνεπισθέντων ἀποκτῶν εἰς τὴν ἐξόχως ἐγκάρσια σίτου ταυτόχρονα συστήματος. Πληροφορίαι παρὰ τῷ ἰδιοκτήτῃ κ. Ἀλεξ. Ἀγκιαίου ἐν τῷ ἰδιοκτήτῳ του 1ῃ Σεπτεμβρίου, ἀριθ. 41.

ΤΟ ΠΛΟΥΣΙΩΤΕΡΟΝ ΤΟ ΕΥΘΗΝΟΤΕΡΟΝ ΚΑΤΑΣΤΗΜΑ ΧΡΥΣΙΚΟΠΟΥΛΟΥ
PRIX FIXE
